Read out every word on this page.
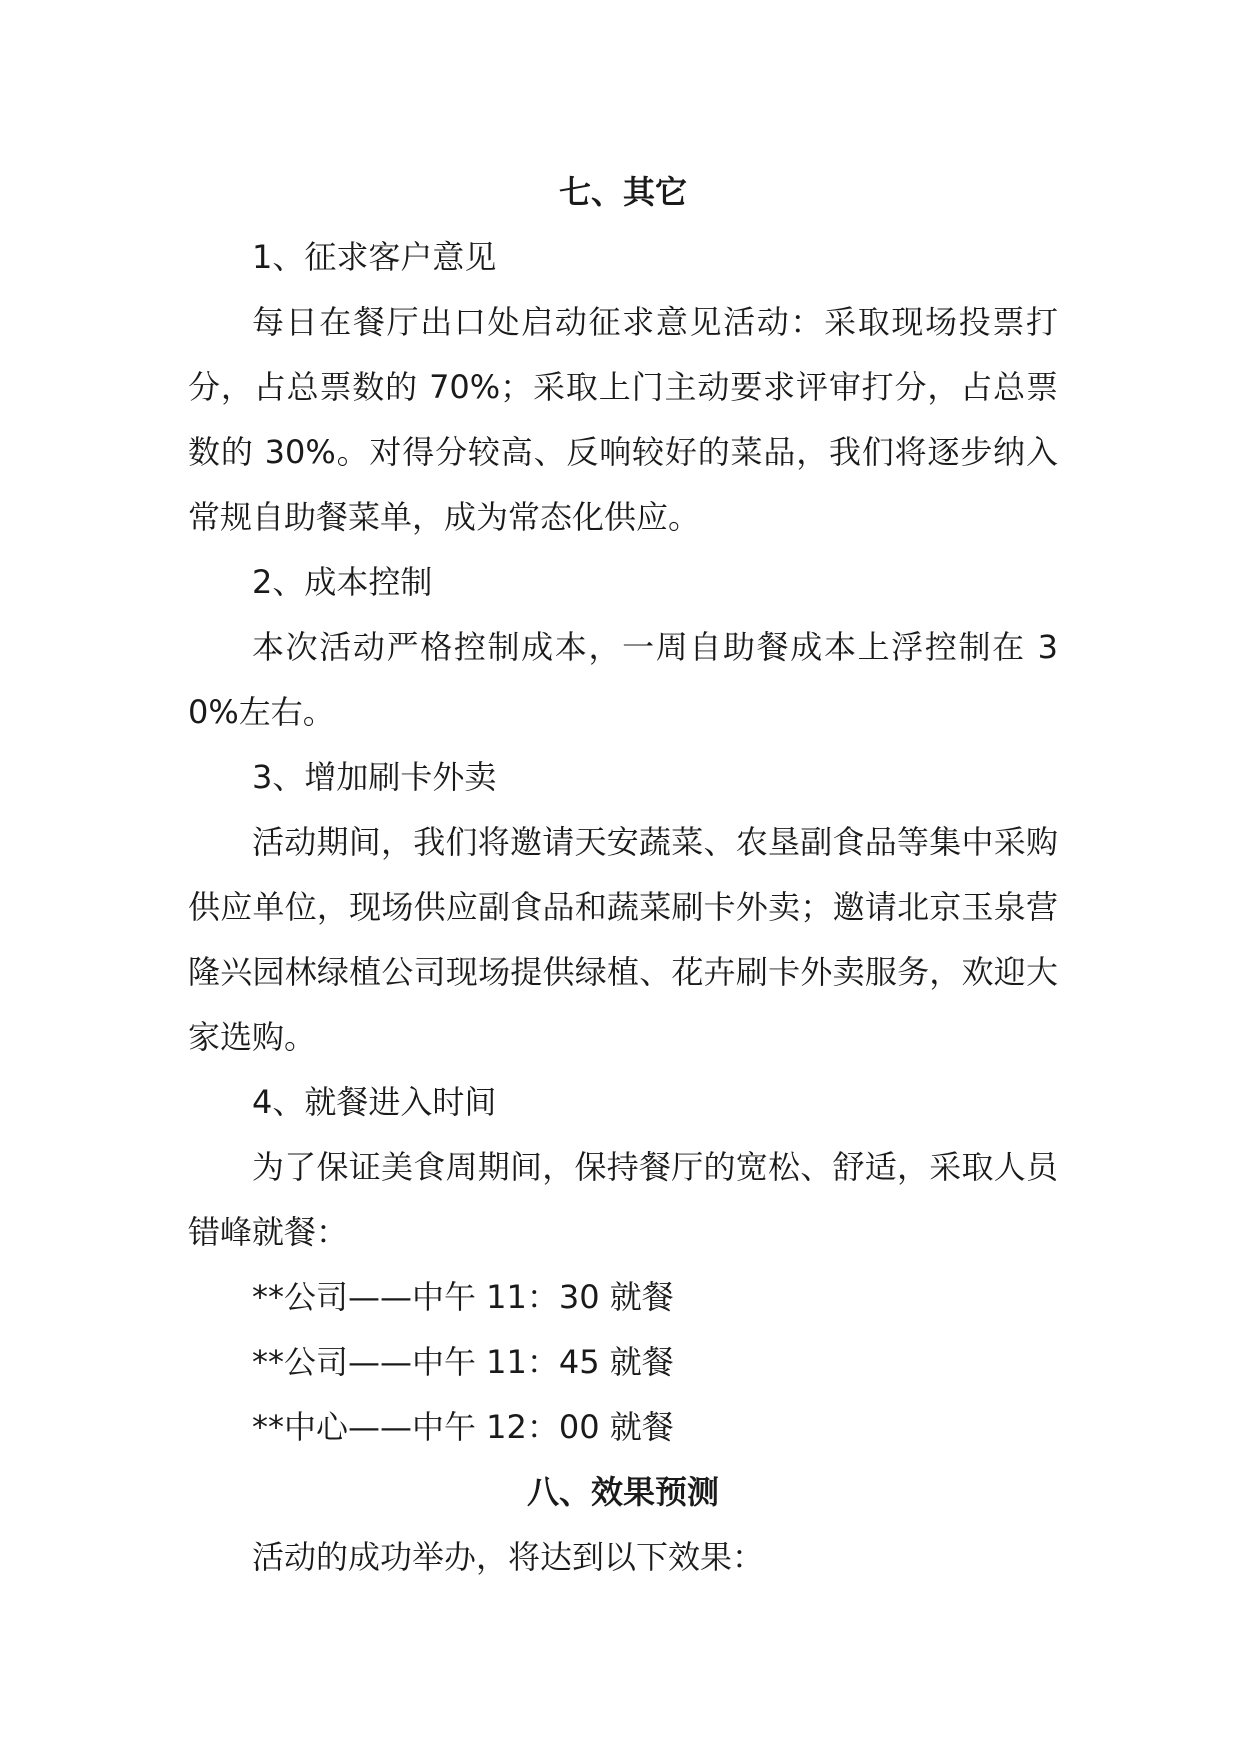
七、其它

1、征求客户意见

每日在餐厅出口处启动征求意见活动：采取现场投票打分，占总票数的 70%；采取上门主动要求评审打分，占总票数的 30%。对得分较高、反响较好的菜品，我们将逐步纳入常规自助餐菜单，成为常态化供应。

2、成本控制

本次活动严格控制成本，一周自助餐成本上浮控制在 30%左右。

3、增加刷卡外卖

活动期间，我们将邀请天安蔬菜、农垦副食品等集中采购供应单位，现场供应副食品和蔬菜刷卡外卖；邀请北京玉泉营隆兴园林绿植公司现场提供绿植、花卉刷卡外卖服务，欢迎大家选购。

4、就餐进入时间

为了保证美食周期间，保持餐厅的宽松、舒适，采取人员错峰就餐：

**公司——中午 11：30 就餐

**公司——中午 11：45 就餐

**中心——中午 12：00 就餐

八、效果预测

活动的成功举办，将达到以下效果：
